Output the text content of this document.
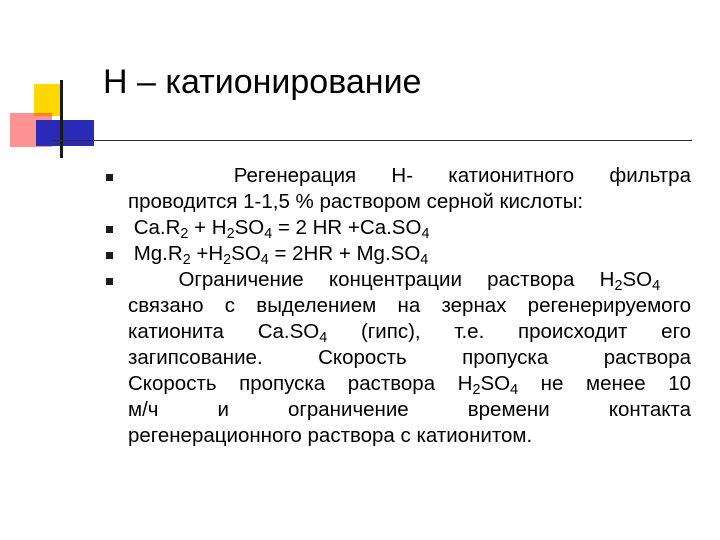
Н – катионирование
Регенерация Н- катионитного фильтра
проводится 1-1,5 % раствором серной кислоты:
$Ca.R_2 + H_2SO_4 = 2$ HR $+Ca.SO_4$
$Mg.R_2 +H_2SO_4 = 2HR + Mg.SO_4$
Ограничение концентрации раствора $H_2SO_4$
связано с выделением на зернах регенерируемого
катионита $Ca.SO_4$ (гипс), т.е. происходит его
загипсование. Скорость пропуска раствора
Скорость пропуска раствора $H_2SO_4$ не менее 10
м/ч и ограничение времени контакта
регенерационного раствора с катионитом.
